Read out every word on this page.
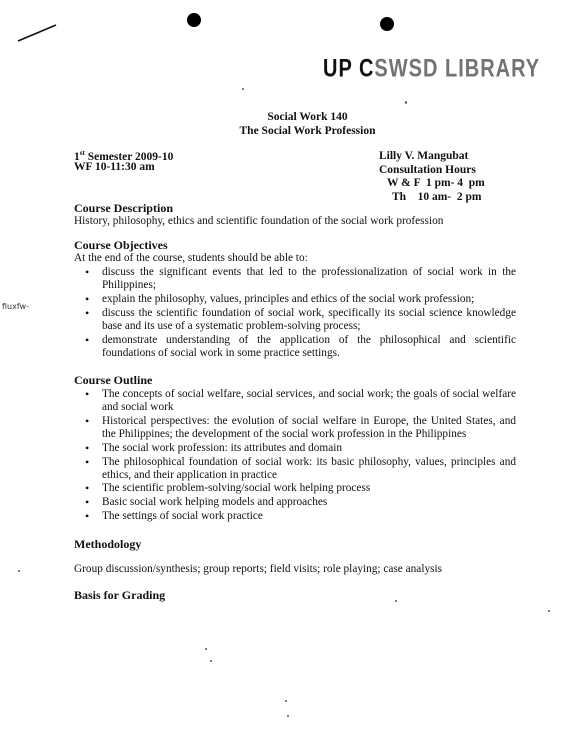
UP CSWSD LIBRARY
Social Work 140
The Social Work Profession
1st Semester 2009-10
WF 10-11:30 am
Lilly V. Mangubat
Consultation Hours
W & F  1 pm- 4  pm
Th    10 am-  2 pm
Course Description
History, philosophy, ethics and scientific foundation of the social work profession
Course Objectives
At the end of the course, students should be able to:
• discuss the significant events that led to the professionalization of social work in the Philippines;
• explain the philosophy, values, principles and ethics of the social work profession;
• discuss the scientific foundation of social work, specifically its social science knowledge base and its use of a systematic problem-solving process;
• demonstrate understanding of the application of the philosophical and scientific foundations of social work in some practice settings.
ﬁuxfw-
Course Outline
• The concepts of social welfare, social services, and social work; the goals of social welfare and social work
• Historical perspectives: the evolution of social welfare in Europe, the United States, and the Philippines; the development of the social work profession in the Philippines
• The social work profession: its attributes and domain
• The philosophical foundation of social work: its basic philosophy, values, principles and ethics, and their application in practice
• The scientific problem-solving/social work helping process
• Basic social work helping models and approaches
• The settings of social work practice
Methodology
Group discussion/synthesis; group reports; field visits; role playing; case analysis
Basis for Grading
